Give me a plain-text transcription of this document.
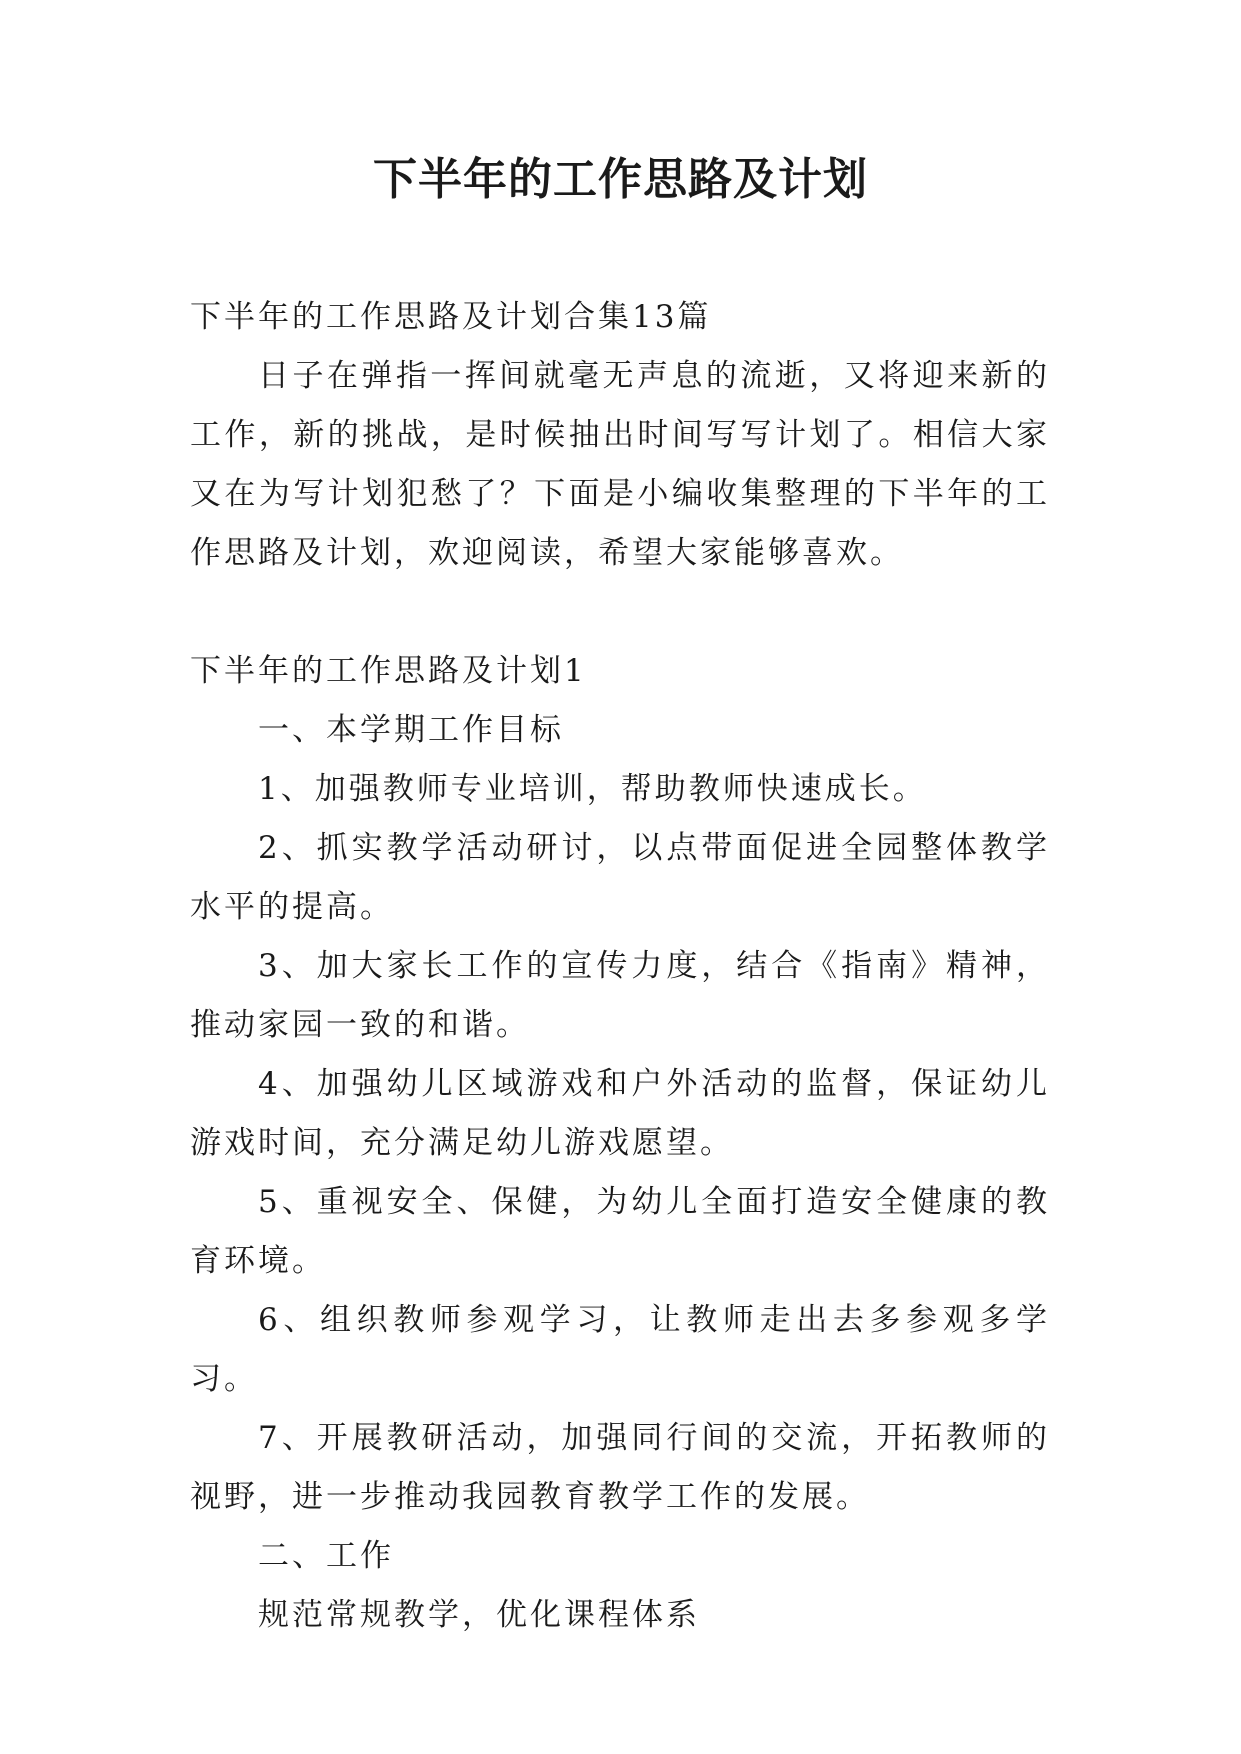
下半年的工作思路及计划

下半年的工作思路及计划合集13篇

日子在弹指一挥间就毫无声息的流逝，又将迎来新的工作，新的挑战，是时候抽出时间写写计划了。相信大家又在为写计划犯愁了？下面是小编收集整理的下半年的工作思路及计划，欢迎阅读，希望大家能够喜欢。

下半年的工作思路及计划1

一、本学期工作目标

1、加强教师专业培训，帮助教师快速成长。

2、抓实教学活动研讨，以点带面促进全园整体教学水平的提高。

3、加大家长工作的宣传力度，结合《指南》精神，推动家园一致的和谐。

4、加强幼儿区域游戏和户外活动的监督，保证幼儿游戏时间，充分满足幼儿游戏愿望。

5、重视安全、保健，为幼儿全面打造安全健康的教育环境。

6、组织教师参观学习，让教师走出去多参观多学习。

7、开展教研活动，加强同行间的交流，开拓教师的视野，进一步推动我园教育教学工作的发展。

二、工作

规范常规教学，优化课程体系
